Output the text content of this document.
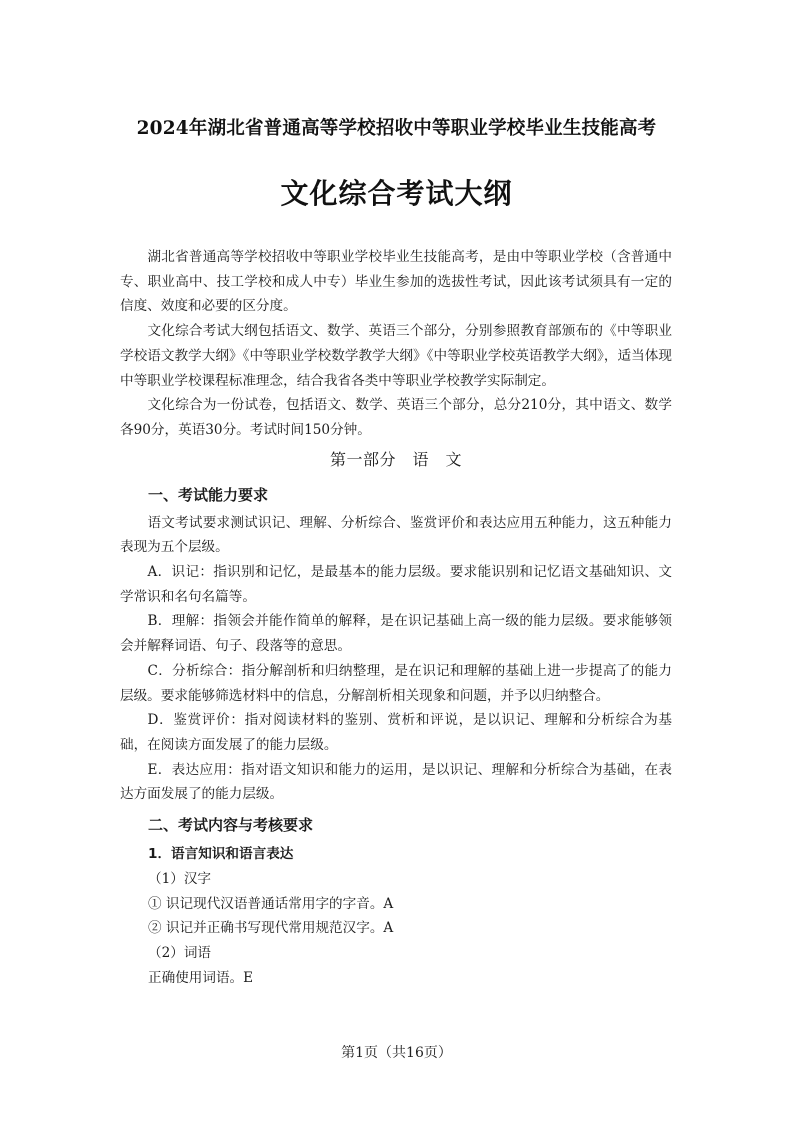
2024年湖北省普通高等学校招收中等职业学校毕业生技能高考
文化综合考试大纲

湖北省普通高等学校招收中等职业学校毕业生技能高考，是由中等职业学校（含普通中专、职业高中、技工学校和成人中专）毕业生参加的选拔性考试，因此该考试须具有一定的信度、效度和必要的区分度。

文化综合考试大纲包括语文、数学、英语三个部分，分别参照教育部颁布的《中等职业学校语文教学大纲》《中等职业学校数学教学大纲》《中等职业学校英语教学大纲》，适当体现中等职业学校课程标准理念，结合我省各类中等职业学校教学实际制定。

文化综合为一份试卷，包括语文、数学、英语三个部分，总分210分，其中语文、数学各90分，英语30分。考试时间150分钟。

第一部分　语　文
一、考试能力要求

语文考试要求测试识记、理解、分析综合、鉴赏评价和表达应用五种能力，这五种能力表现为五个层级。

A．识记：指识别和记忆，是最基本的能力层级。要求能识别和记忆语文基础知识、文学常识和名句名篇等。

B．理解：指领会并能作简单的解释，是在识记基础上高一级的能力层级。要求能够领会并解释词语、句子、段落等的意思。

C．分析综合：指分解剖析和归纳整理，是在识记和理解的基础上进一步提高了的能力层级。要求能够筛选材料中的信息，分解剖析相关现象和问题，并予以归纳整合。

D．鉴赏评价：指对阅读材料的鉴别、赏析和评说，是以识记、理解和分析综合为基础，在阅读方面发展了的能力层级。

E．表达应用：指对语文知识和能力的运用，是以识记、理解和分析综合为基础，在表达方面发展了的能力层级。

二、考试内容与考核要求
1．语言知识和语言表达
（1）汉字
① 识记现代汉语普通话常用字的字音。A
② 识记并正确书写现代常用规范汉字。A
（2）词语
正确使用词语。E
第1页（共16页）
